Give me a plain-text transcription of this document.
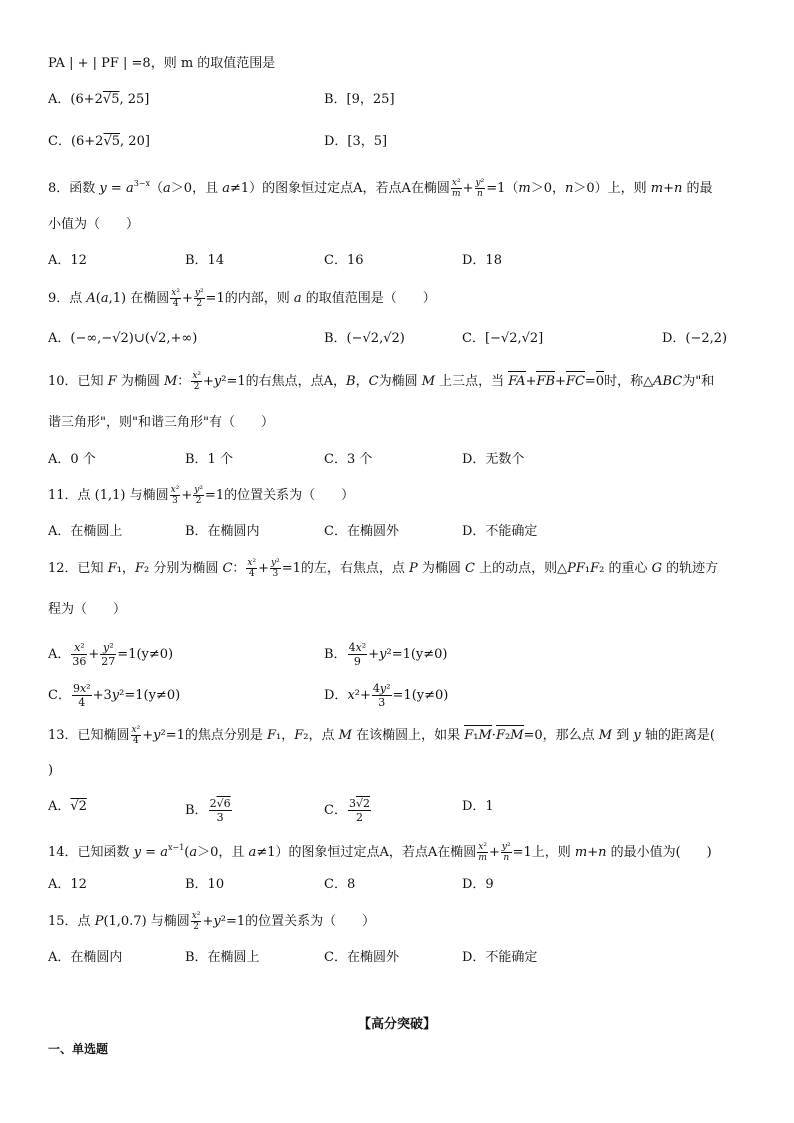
PA | + | PF | =8，则 m 的取值范围是
A．(6+2√5, 25]	B．[9，25]
C．(6+2√5, 20]	D．[3，5]
8．函数 $y = a^{3-x}(a>0$，且 a≠1）的图象恒过定点A，若点A在椭圆 $\frac{\text{x²}}{m} + \frac{\text{y²}}{n} =1(m>0$，n＞0）上，则 m+n 的最
小值为（　　）
A．12	B．14	C．16	D．18
9．点 A(a,1) 在椭圆 $\frac{\text{x²}}{4} + \frac{\text{y²}}{2} =1$的内部，则 a 的取值范围是（　　）
A．(−∞,−√2)∪(√2,+∞)	B．(−√2,√2)	C．[−√2,√2]	D．(−2,2)
10．已知 F 为椭圆 M： $\frac{\text{x²}}{2} +y^2=1$的右焦点，点A，B，C为椭圆 M 上三点，当 FA+FB+FC=0时，称△ABC为"和
谐三角形"，则"和谐三角形"有（　　）
A．0 个	B．1 个	C．3 个	D．无数个
11．点 (1,1) 与椭圆 $\frac{\text{x²}}{3} + \frac{\text{y²}}{2} =1$的位置关系为（　　）
A．在椭圆上	B．在椭圆内	C．在椭圆外	D．不能确定
12．已知 F₁，F₂ 分别为椭圆 C： $\frac{\text{x²}}{4} + \frac{\text{y²}}{3} =1$的左，右焦点，点 P 为椭圆 C 上的动点，则△PF₁F₂ 的重心 G 的轨迹方
程为（　　）
A． $\frac{\text{x²}}{36} + \frac{\text{y²}}{27} =1(y\ne 0)$	B． $\frac{\text{4x²}}{9} +y^2=1(y\ne 0)$
C． $\frac{\text{9x²}}{4} +3y^2=1(y\ne 0)$	D．$x^2+ \frac{\text{4y²}}{3} =1(y\ne 0)$
13．已知椭圆 $\frac{\text{x²}}{4} +y^2=1$的焦点分别是 F₁，F₂，点 M 在该椭圆上，如果 F₁M·F₂M=0，那么点 M 到 y 轴的距离是(
)
A．√2	B． $\frac{2√6}{3}$	C． $\frac{3√2}{2}$	D．1
14．已知函数 $y = a^{x-1}(a>0$，且 a≠1）的图象恒过定点A，若点A在椭圆 $\frac{\text{x²}}{m} + \frac{\text{y²}}{n} =1$上，则 m+n 的最小值为(　　)
A．12	B．10	C．8	D．9
15．点 P(1,0.7) 与椭圆 $\frac{\text{x²}}{2} +y^2=1$的位置关系为（　　）
A．在椭圆内	B．在椭圆上	C．在椭圆外	D．不能确定
【高分突破】
一、单选题
